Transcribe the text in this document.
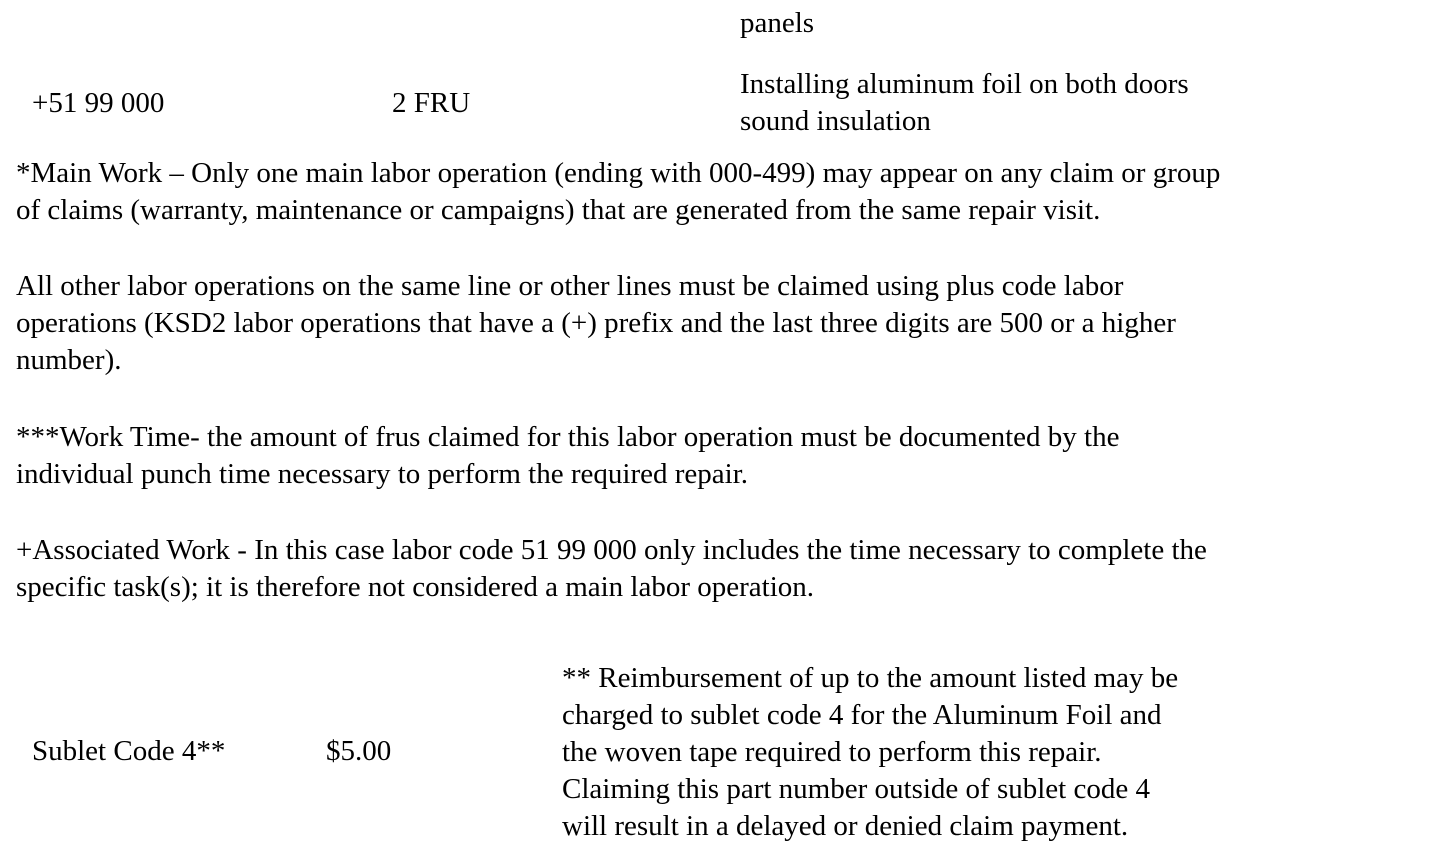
panels
+51 99 000	2 FRU
Installing aluminum foil on both doors
sound insulation
*Main Work – Only one main labor operation (ending with 000-499) may appear on any claim or group
of claims (warranty, maintenance or campaigns) that are generated from the same repair visit.
All other labor operations on the same line or other lines must be claimed using plus code labor
operations (KSD2 labor operations that have a (+) prefix and the last three digits are 500 or a higher
number).
***Work Time- the amount of frus claimed for this labor operation must be documented by the
individual punch time necessary to perform the required repair.
+Associated Work - In this case labor code 51 99 000 only includes the time necessary to complete the
specific task(s); it is therefore not considered a main labor operation.
Sublet Code 4**	$5.00
** Reimbursement of up to the amount listed may be
charged to sublet code 4 for the Aluminum Foil and
the woven tape required to perform this repair.
Claiming this part number outside of sublet code 4
will result in a delayed or denied claim payment.
